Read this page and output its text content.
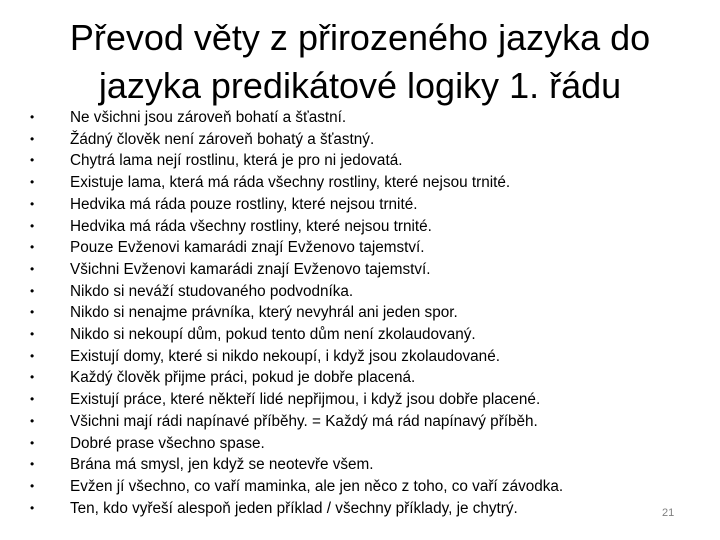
Převod věty z přirozeného jazyka do
jazyka predikátové logiky 1. řádu
•	Ne všichni jsou zároveň bohatí a šťastní.
•	Žádný člověk není zároveň bohatý a šťastný.
•	Chytrá lama nejí rostlinu, která je pro ni jedovatá.
•	Existuje lama, která má ráda všechny rostliny, které nejsou trnité.
•	Hedvika má ráda pouze rostliny, které nejsou trnité.
•	Hedvika má ráda všechny rostliny, které nejsou trnité.
•	Pouze Evženovi kamarádi znají Evženovo tajemství.
•	Všichni Evženovi kamarádi znají Evženovo tajemství.
•	Nikdo si neváží studovaného podvodníka.
•	Nikdo si nenajme právníka, který nevyhrál ani jeden spor.
•	Nikdo si nekoupí dům, pokud tento dům není zkolaudovaný.
•	Existují domy, které si nikdo nekoupí, i když jsou zkolaudované.
•	Každý člověk přijme práci, pokud je dobře placená.
•	Existují práce, které někteří lidé nepřijmou, i když jsou dobře placené.
•	Všichni mají rádi napínavé příběhy. = Každý má rád napínavý příběh.
•	Dobré prase všechno spase.
•	Brána má smysl, jen když se neotevře všem.
•	Evžen jí všechno, co vaří maminka, ale jen něco z toho, co vaří závodka.
•	Ten, kdo vyřeší alespoň jeden příklad / všechny příklady, je chytrý.	21
